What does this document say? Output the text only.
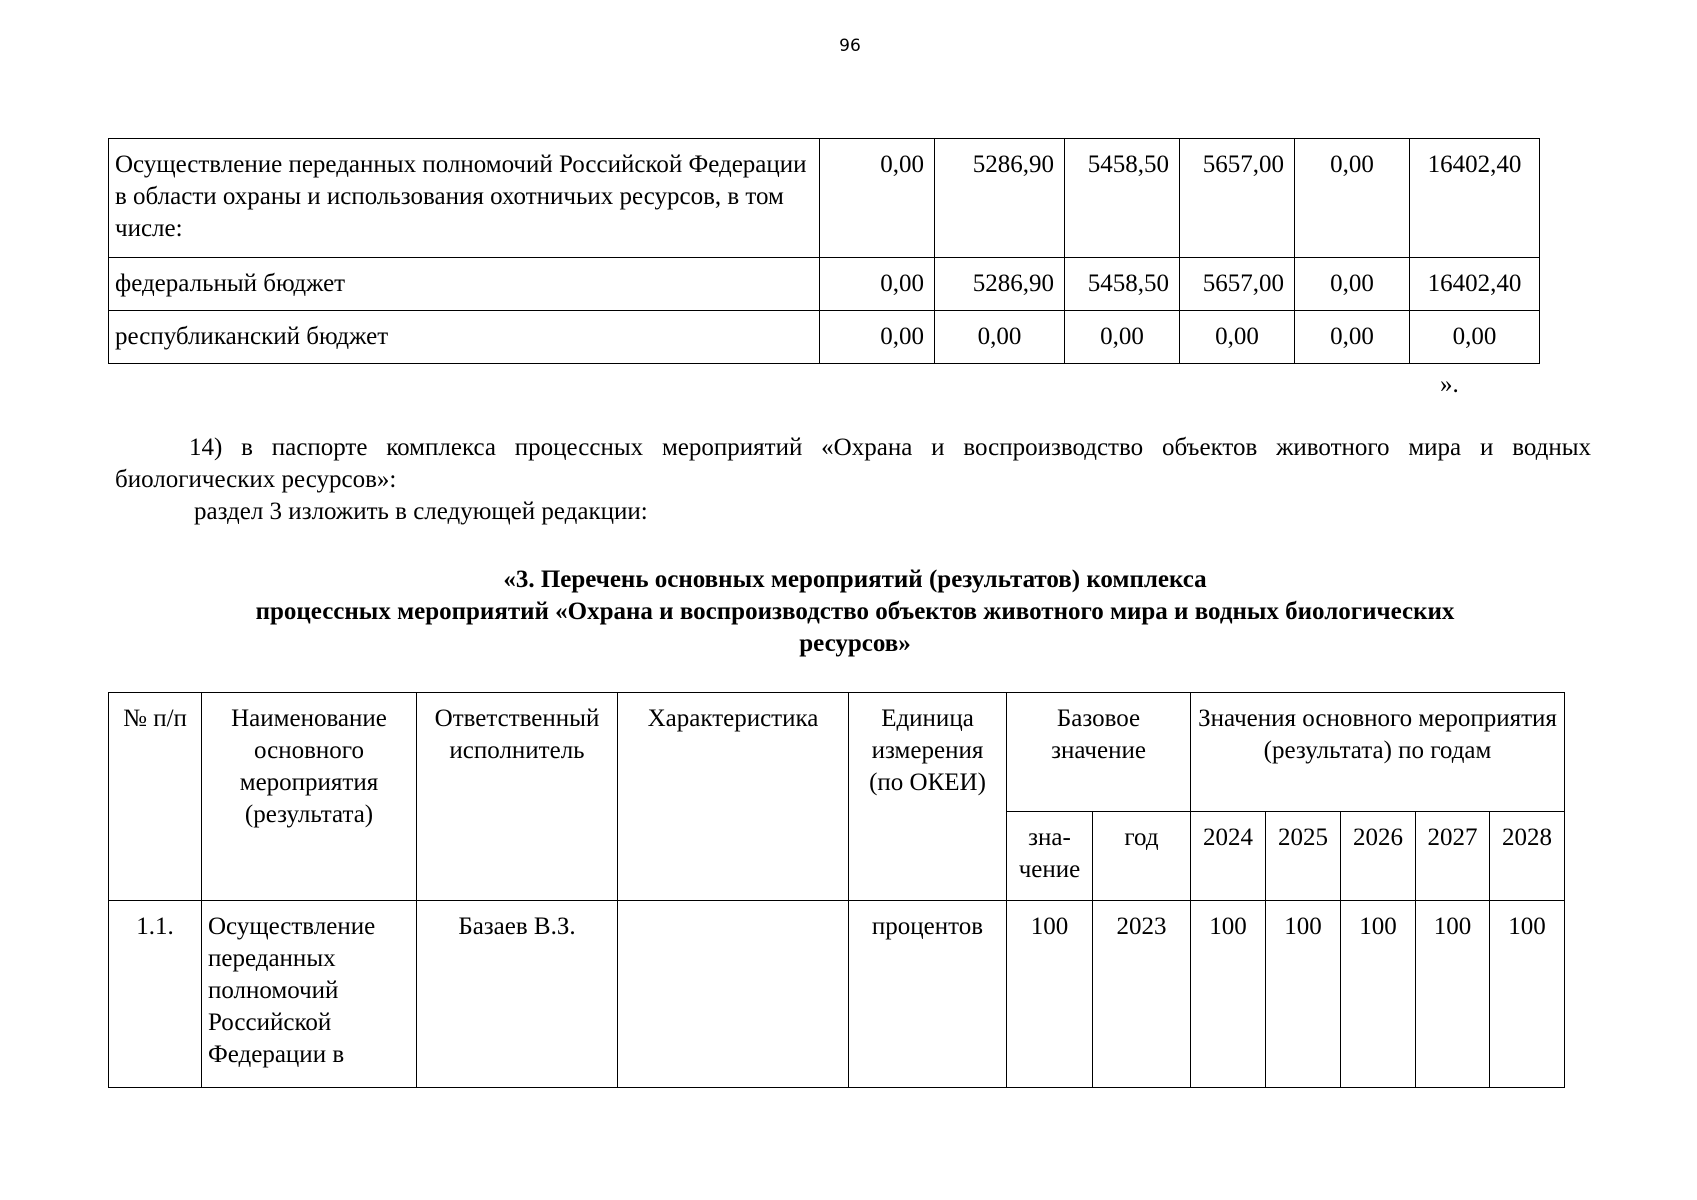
96
Осуществление переданных полномочий Российской Федерации в области охраны и использования охотничьих ресурсов, в том числе:	0,00	5286,90	5458,50	5657,00	0,00	16402,40
федеральный бюджет	0,00	5286,90	5458,50	5657,00	0,00	16402,40
республиканский бюджет	0,00	0,00	0,00	0,00	0,00	0,00
».
14) в паспорте комплекса процессных мероприятий «Охрана и воспроизводство объектов животного мира и водных биологических ресурсов»:
раздел 3 изложить в следующей редакции:
«3. Перечень основных мероприятий (результатов) комплекса
процессных мероприятий «Охрана и воспроизводство объектов животного мира и водных биологических
ресурсов»
№ п/п	Наименование основного мероприятия (результата)	Ответственный исполнитель	Характеристика	Единица измерения (по ОКЕИ)	Базовое значение		Значения основного мероприятия (результата) по годам				
					зна-чение	год	2024	2025	2026	2027	2028
1.1.	Осуществление переданных полномочий Российской Федерации в	Базаев В.З.		процентов	100	2023	100	100	100	100	100
